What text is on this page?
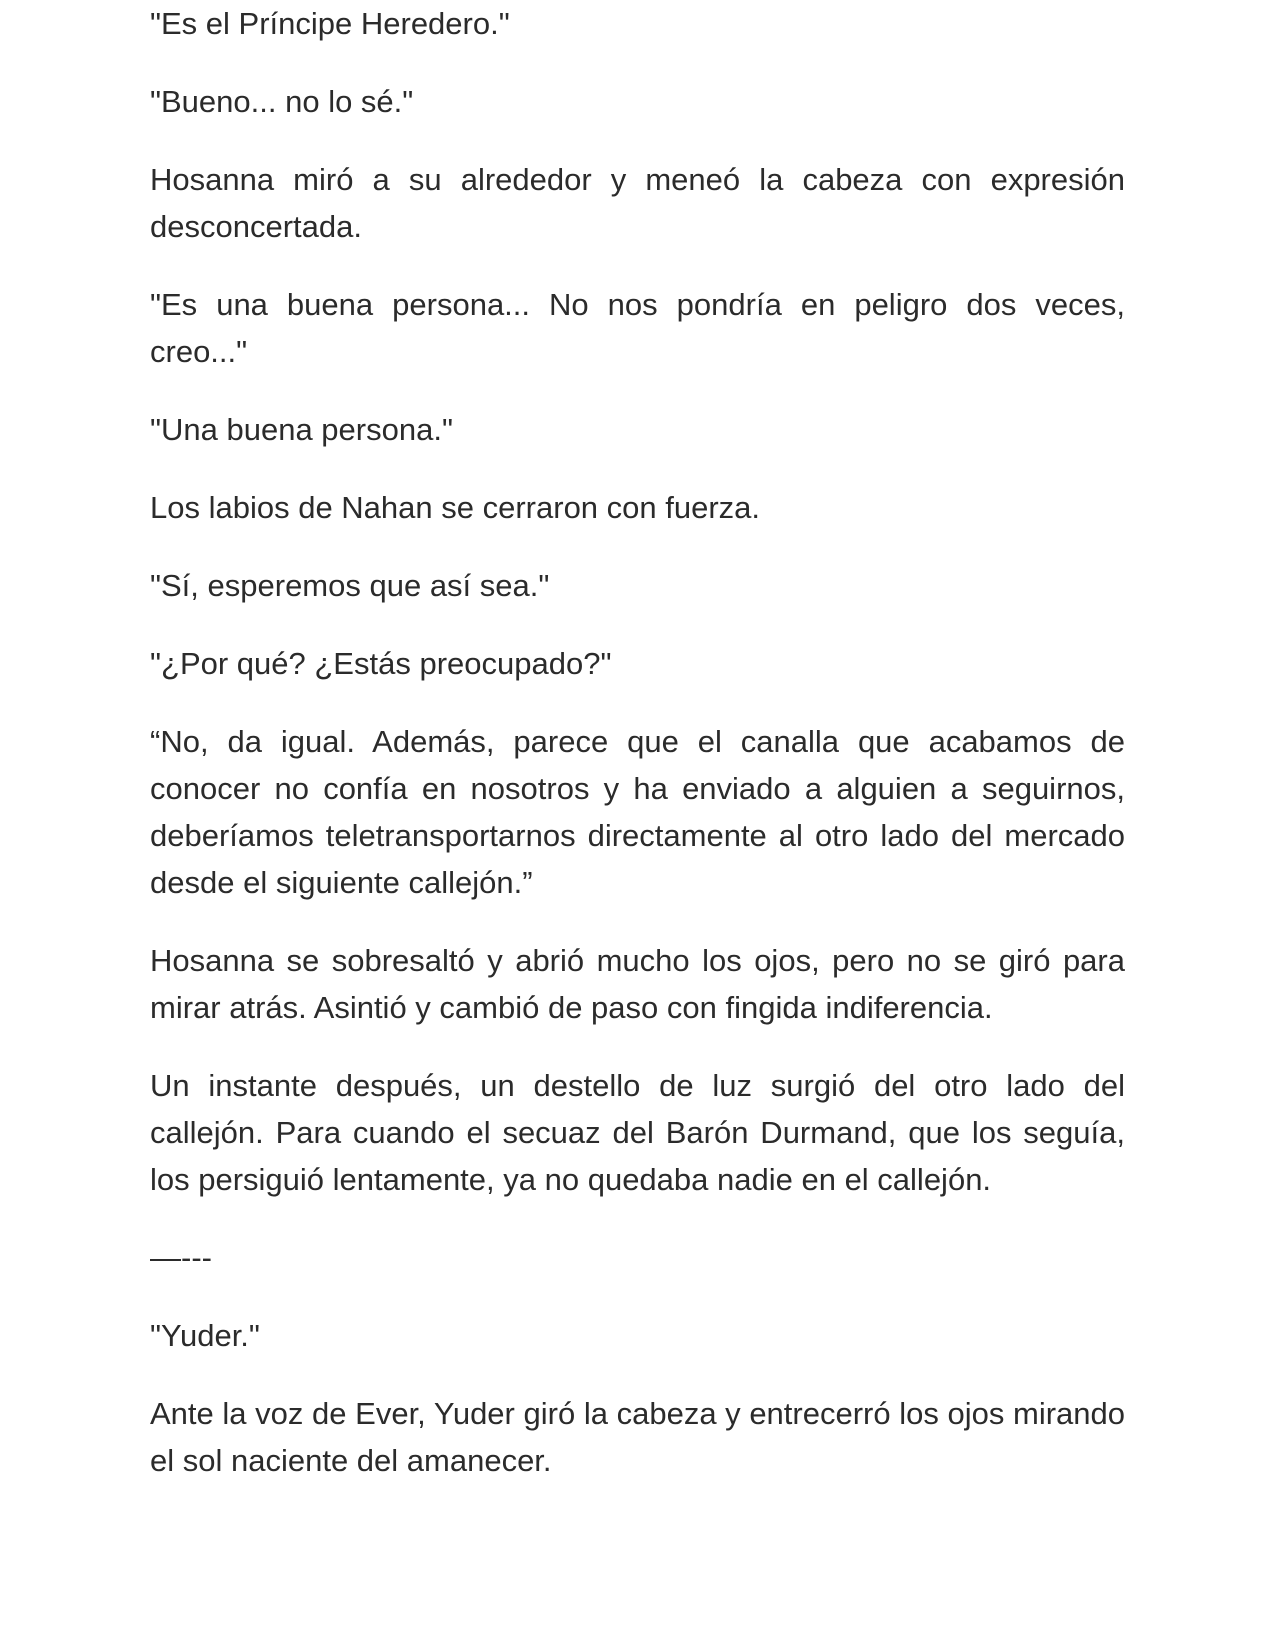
"Es el Príncipe Heredero."

"Bueno... no lo sé."

Hosanna miró a su alrededor y meneó la cabeza con expresión desconcertada.

"Es una buena persona... No nos pondría en peligro dos veces, creo..."

"Una buena persona."

Los labios de Nahan se cerraron con fuerza.

"Sí, esperemos que así sea."

"¿Por qué? ¿Estás preocupado?"

“No, da igual. Además, parece que el canalla que acabamos de conocer no confía en nosotros y ha enviado a alguien a seguirnos, deberíamos teletransportarnos directamente al otro lado del mercado desde el siguiente callejón.”

Hosanna se sobresaltó y abrió mucho los ojos, pero no se giró para mirar atrás. Asintió y cambió de paso con fingida indiferencia.

Un instante después, un destello de luz surgió del otro lado del callejón. Para cuando el secuaz del Barón Durmand, que los seguía, los persiguió lentamente, ya no quedaba nadie en el callejón.

—---

"Yuder."

Ante la voz de Ever, Yuder giró la cabeza y entrecerró los ojos mirando el sol naciente del amanecer.
